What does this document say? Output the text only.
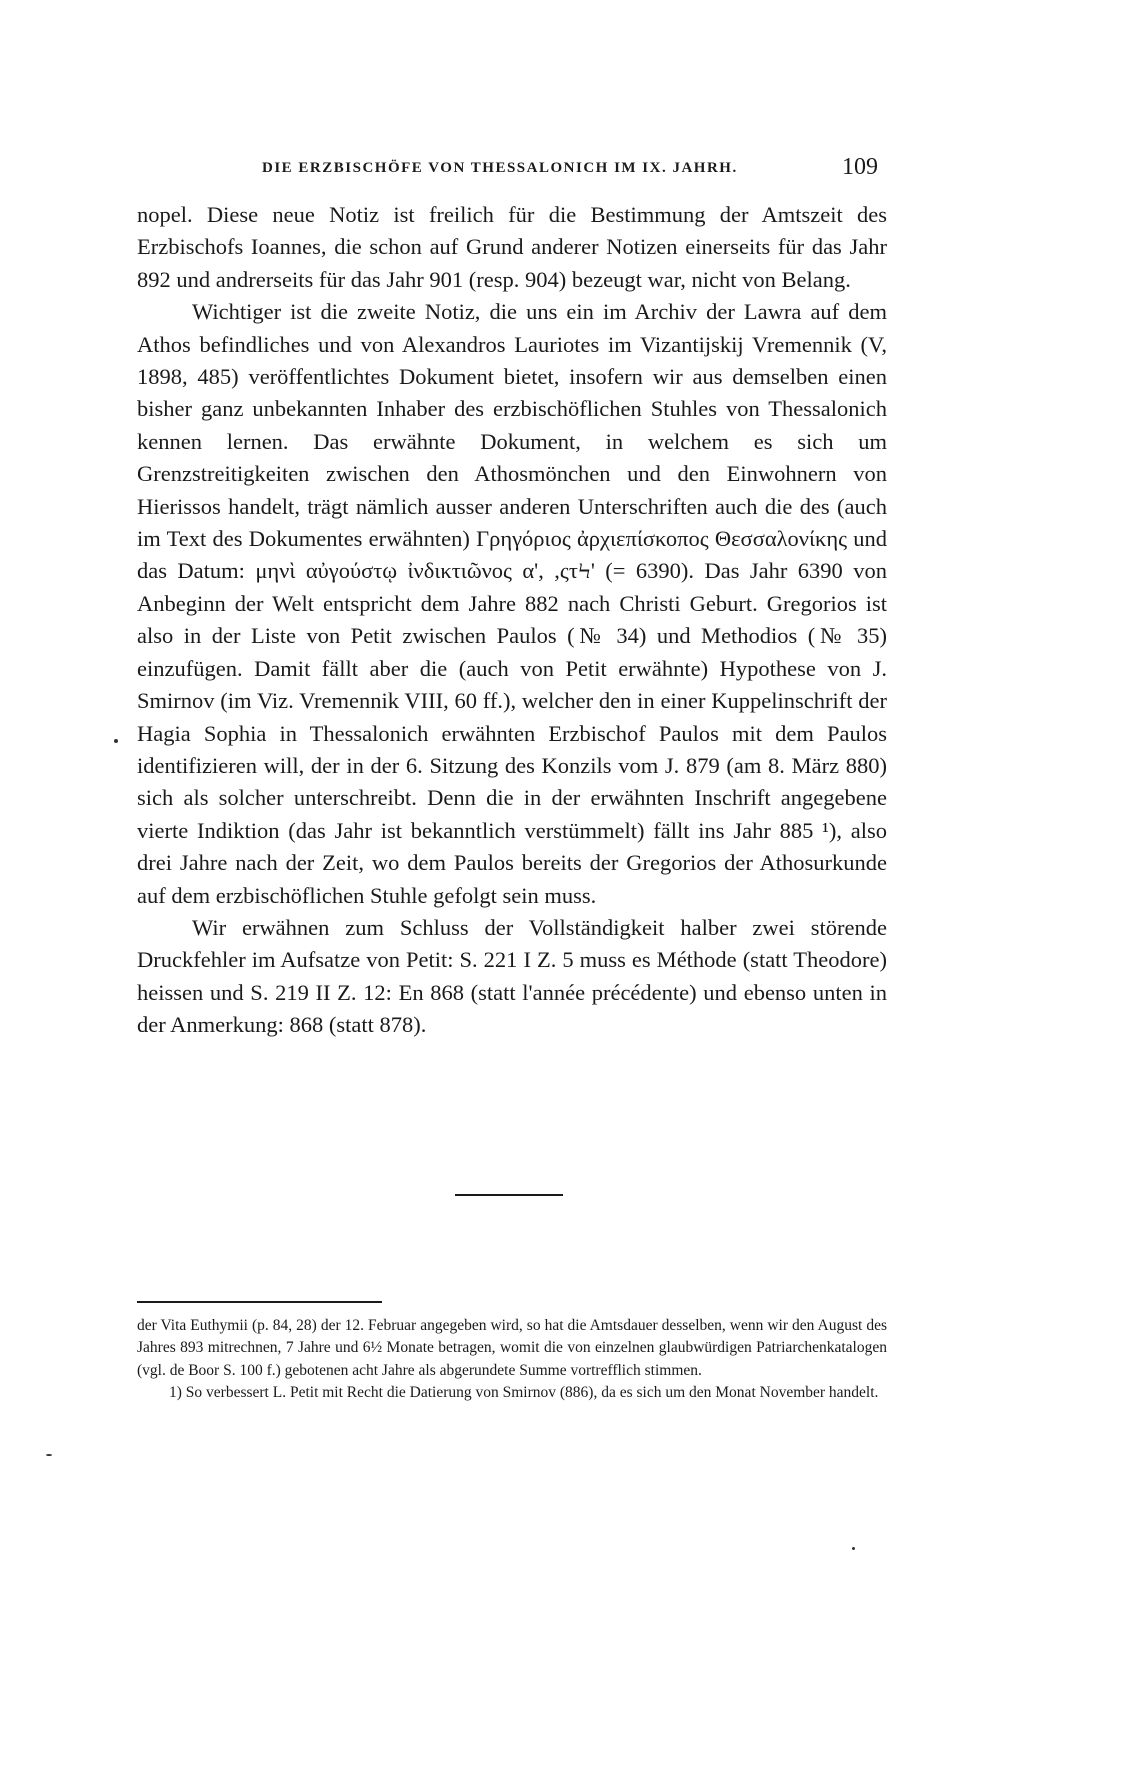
DIE ERZBISCHÖFE VON THESSALONICH IM IX. JAHRH.	109

nopel. Diese neue Notiz ist freilich für die Bestimmung der Amtszeit des Erzbischofs Ioannes, die schon auf Grund anderer Notizen einerseits für das Jahr 892 und andrerseits für das Jahr 901 (resp. 904) bezeugt war, nicht von Belang.

Wichtiger ist die zweite Notiz, die uns ein im Archiv der Lawra auf dem Athos befindliches und von Alexandros Lauriotes im Vizantijskij Vremennik (V, 1898, 485) veröffentlichtes Dokument bietet, insofern wir aus demselben einen bisher ganz unbekannten Inhaber des erzbischöflichen Stuhles von Thessalonich kennen lernen. Das erwähnte Dokument, in welchem es sich um Grenzstreitigkeiten zwischen den Athosmönchen und den Einwohnern von Hierissos handelt, trägt nämlich ausser anderen Unterschriften auch die des (auch im Text des Dokumentes erwähnten) Γρηγόριος ἀρχιεπίσκοπος Θεσσαλονίκης und das Datum: μηνὶ αὐγούστῳ ἰνδικτιῶνος α', ,ςτϞ' (= 6390). Das Jahr 6390 von Anbeginn der Welt entspricht dem Jahre 882 nach Christi Geburt. Gregorios ist also in der Liste von Petit zwischen Paulos (№ 34) und Methodios (№ 35) einzufügen. Damit fällt aber die (auch von Petit erwähnte) Hypothese von J. Smirnov (im Viz. Vremennik VIII, 60 ff.), welcher den in einer Kuppelinschrift der Hagia Sophia in Thessalonich erwähnten Erzbischof Paulos mit dem Paulos identifizieren will, der in der 6. Sitzung des Konzils vom J. 879 (am 8. März 880) sich als solcher unterschreibt. Denn die in der erwähnten Inschrift angegebene vierte Indiktion (das Jahr ist bekanntlich verstümmelt) fällt ins Jahr 885 ¹), also drei Jahre nach der Zeit, wo dem Paulos bereits der Gregorios der Athosurkunde auf dem erzbischöflichen Stuhle gefolgt sein muss.

Wir erwähnen zum Schluss der Vollständigkeit halber zwei störende Druckfehler im Aufsatze von Petit: S. 221 I Z. 5 muss es Méthode (statt Theodore) heissen und S. 219 II Z. 12: En 868 (statt l'année précédente) und ebenso unten in der Anmerkung: 868 (statt 878).

der Vita Euthymii (p. 84, 28) der 12. Februar angegeben wird, so hat die Amtsdauer desselben, wenn wir den August des Jahres 893 mitrechnen, 7 Jahre und 6½ Monate betragen, womit die von einzelnen glaubwürdigen Patriarchenkatalogen (vgl. de Boor S. 100 f.) gebotenen acht Jahre als abgerundete Summe vortrefflich stimmen.

1) So verbessert L. Petit mit Recht die Datierung von Smirnov (886), da es sich um den Monat November handelt.
